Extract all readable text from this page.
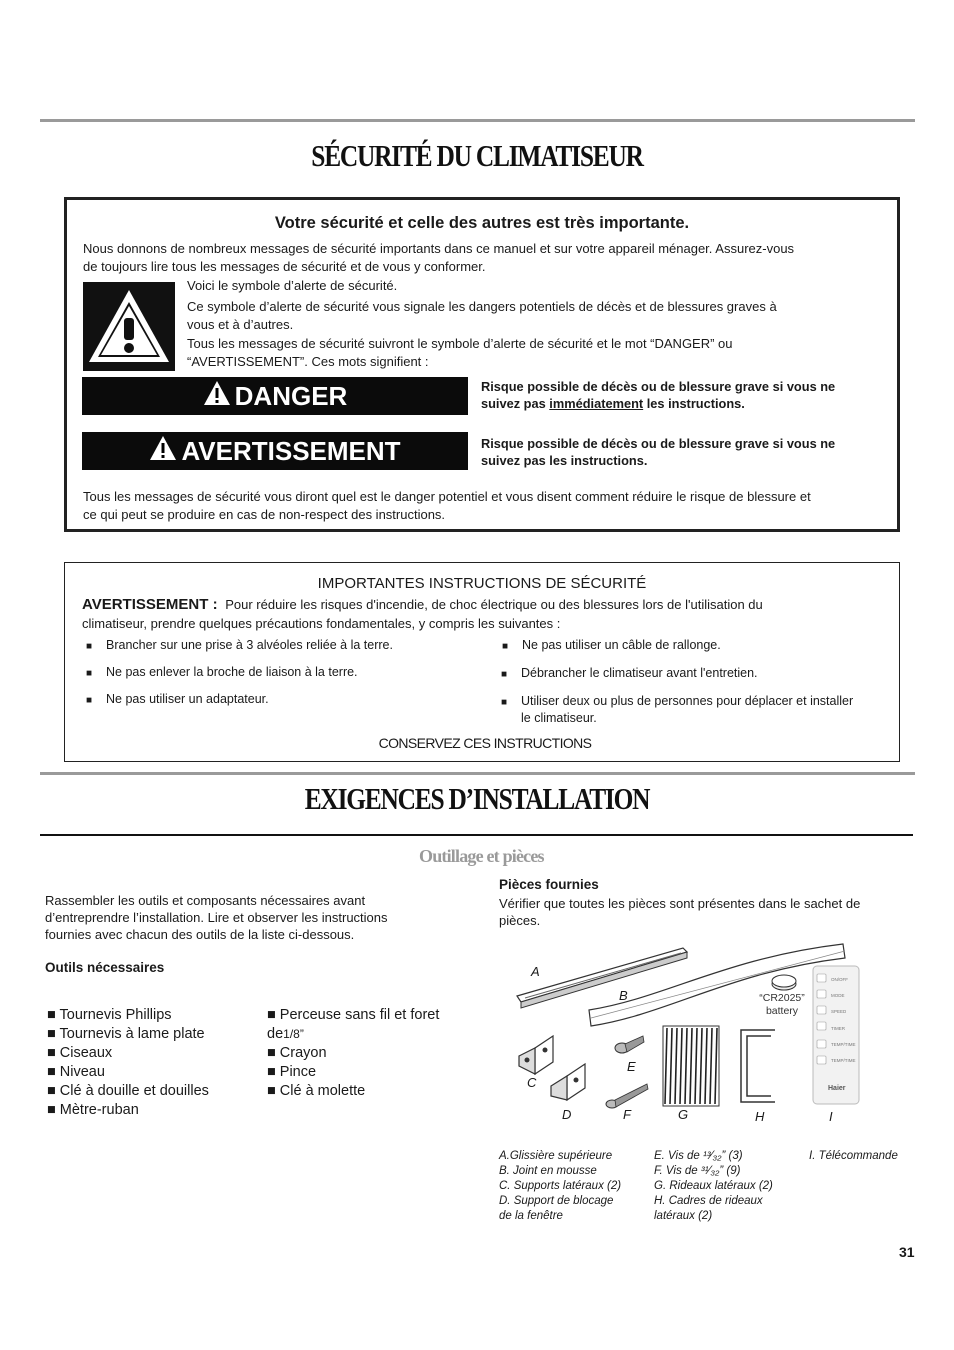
SÉCURITÉ DU CLIMATISEUR
Votre sécurité et celle des autres est très importante.
Nous donnons de nombreux messages de sécurité importants dans ce manuel et sur votre appareil ménager. Assurez-vous
de toujours lire tous les messages de sécurité et de vous y conformer.
Voici le symbole d’alerte de sécurité.
Ce symbole d’alerte de sécurité vous signale les dangers potentiels de décès et de blessures graves à
vous et à d’autres.
Tous les messages de sécurité suivront le symbole d’alerte de sécurité et le mot “DANGER” ou
“AVERTISSEMENT”. Ces mots signifient :
DANGER	Risque possible de décès ou de blessure grave si vous ne
suivez pas immédiatement les instructions.
AVERTISSEMENT	Risque possible de décès ou de blessure grave si vous ne
suivez pas les instructions.
Tous les messages de sécurité vous diront quel est le danger potentiel et vous disent comment réduire le risque de blessure et
ce qui peut se produire en cas de non-respect des instructions.
IMPORTANTES INSTRUCTIONS DE SÉCURITÉ
AVERTISSEMENT : Pour réduire les risques d'incendie, de choc électrique ou des blessures lors de l'utilisation du
climatiseur, prendre quelques précautions fondamentales, y compris les suivantes :
■ Brancher sur une prise à 3 alvéoles reliée à la terre.
■ Ne pas enlever la broche de liaison à la terre.
■ Ne pas utiliser un adaptateur.
■ Ne pas utiliser un câble de rallonge.
■ Débrancher le climatiseur avant l'entretien.
■ Utiliser deux ou plus de personnes pour déplacer et installer
le climatiseur.
CONSERVEZ CES INSTRUCTIONS
EXIGENCES D’INSTALLATION
Outillage et pièces
Rassembler les outils et composants nécessaires avant
d’entreprendre l’installation. Lire et observer les instructions
fournies avec chacun des outils de la liste ci-dessous.
Outils nécessaires
■ Tournevis Phillips
■ Tournevis à lame plate
■ Ciseaux
■ Niveau
■ Clé à douille et douilles
■ Mètre-ruban
■ Perceuse sans fil et foret
de1/8”
■ Crayon
■ Pince
■ Clé à molette
Pièces fournies
Vérifier que toutes les pièces sont présentes dans le sachet de
pièces.
Haier
ON/OFF
MODE
SPEED
TIMER
TEMP/TIME
TEMP/TIME
“CR2025”
battery
A
B
C
D
E
F	G	H	I
A.Glissière supérieure
B. Joint en mousse
C. Supports latéraux (2)
D. Support de blocage
de la fenêtre
E. Vis de ¹³⁄₃₂” (3)
F. Vis de ³¹⁄₃₂” (9)
G. Rideaux latéraux (2)
H. Cadres de rideaux
latéraux (2)
I. Télécommande
31
